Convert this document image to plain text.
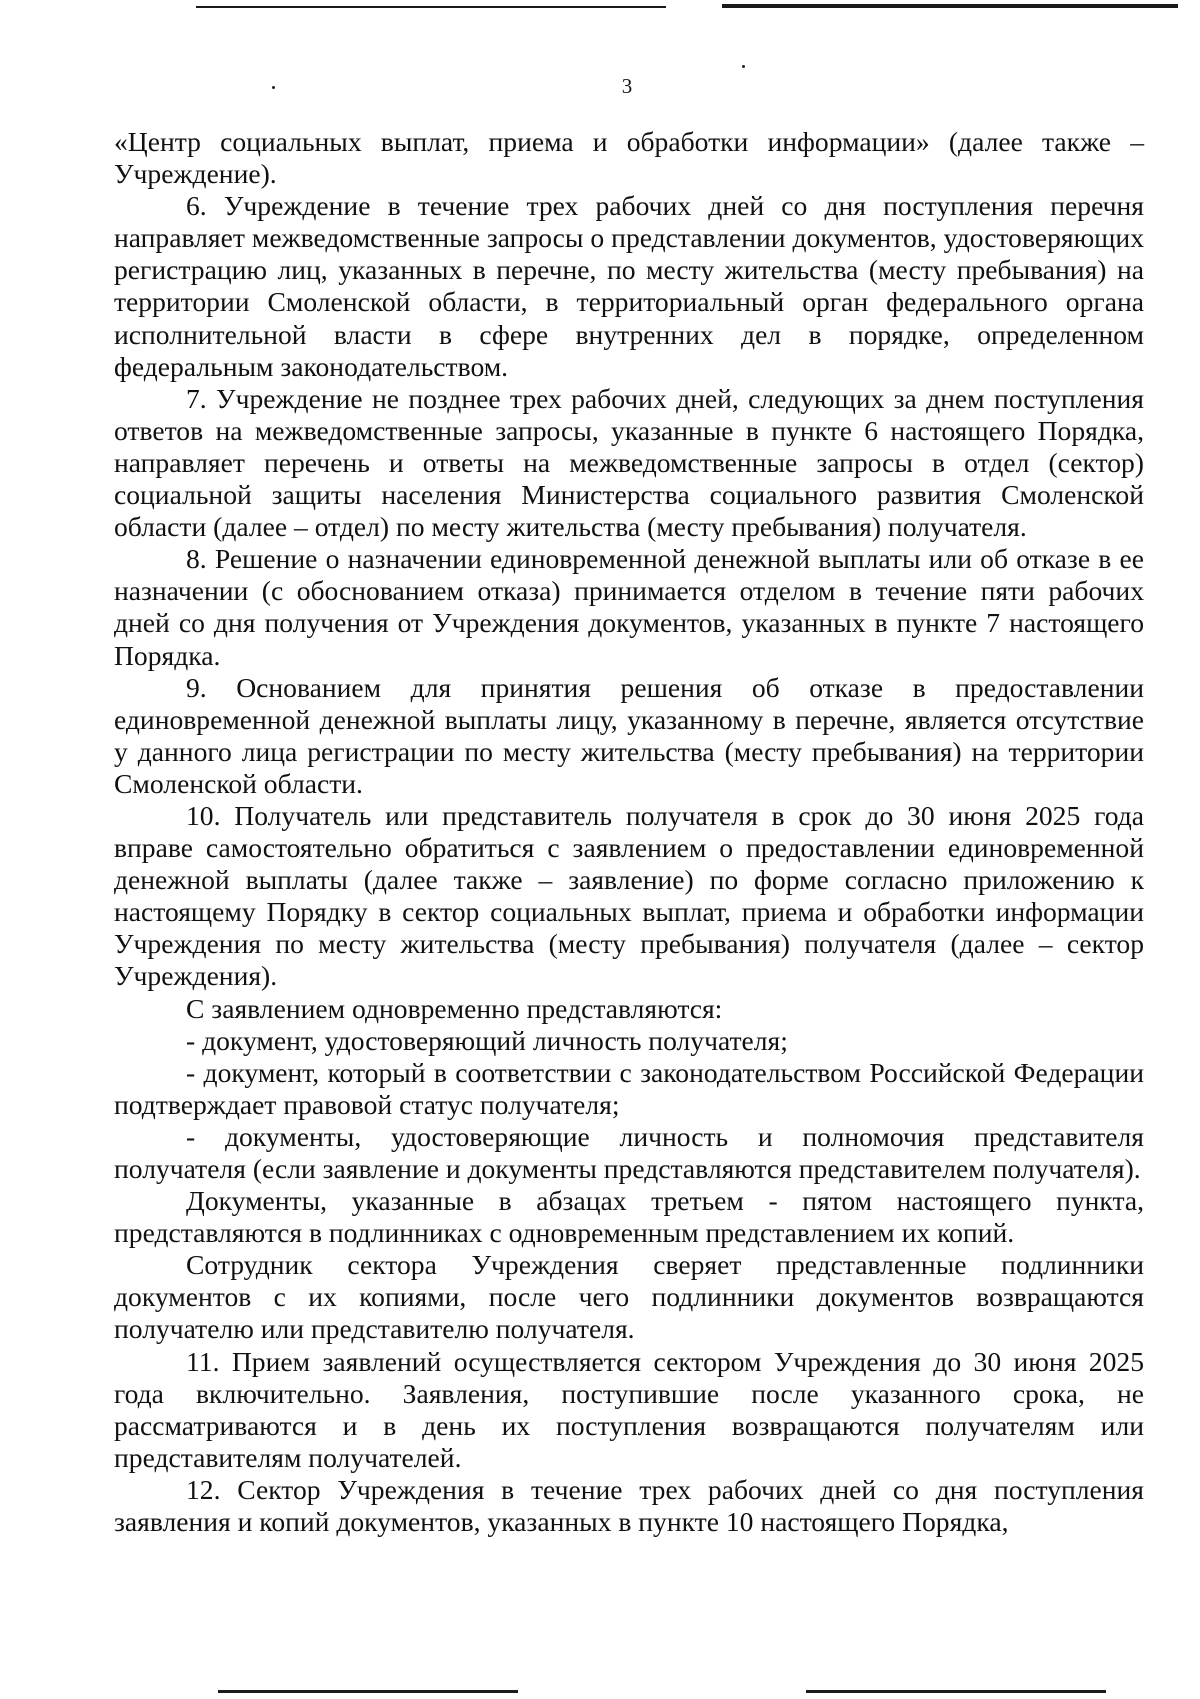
3

«Центр социальных выплат, приема и обработки информации» (далее также – Учреждение).

6. Учреждение в течение трех рабочих дней со дня поступления перечня направляет межведомственные запросы о представлении документов, удостоверяющих регистрацию лиц, указанных в перечне, по месту жительства (месту пребывания) на территории Смоленской области, в территориальный орган федерального органа исполнительной власти в сфере внутренних дел в порядке, определенном федеральным законодательством.

7. Учреждение не позднее трех рабочих дней, следующих за днем поступления ответов на межведомственные запросы, указанные в пункте 6 настоящего Порядка, направляет перечень и ответы на межведомственные запросы в отдел (сектор) социальной защиты населения Министерства социального развития Смоленской области (далее – отдел) по месту жительства (месту пребывания) получателя.

8. Решение о назначении единовременной денежной выплаты или об отказе в ее назначении (с обоснованием отказа) принимается отделом в течение пяти рабочих дней со дня получения от Учреждения документов, указанных в пункте 7 настоящего Порядка.

9. Основанием для принятия решения об отказе в предоставлении единовременной денежной выплаты лицу, указанному в перечне, является отсутствие у данного лица регистрации по месту жительства (месту пребывания) на территории Смоленской области.

10. Получатель или представитель получателя в срок до 30 июня 2025 года вправе самостоятельно обратиться с заявлением о предоставлении единовременной денежной выплаты (далее также – заявление) по форме согласно приложению к настоящему Порядку в сектор социальных выплат, приема и обработки информации Учреждения по месту жительства (месту пребывания) получателя (далее – сектор Учреждения).

С заявлением одновременно представляются:

- документ, удостоверяющий личность получателя;

- документ, который в соответствии с законодательством Российской Федерации подтверждает правовой статус получателя;

- документы, удостоверяющие личность и полномочия представителя получателя (если заявление и документы представляются представителем получателя).

Документы, указанные в абзацах третьем - пятом настоящего пункта, представляются в подлинниках с одновременным представлением их копий.

Сотрудник сектора Учреждения сверяет представленные подлинники документов с их копиями, после чего подлинники документов возвращаются получателю или представителю получателя.

11. Прием заявлений осуществляется сектором Учреждения до 30 июня 2025 года включительно. Заявления, поступившие после указанного срока, не рассматриваются и в день их поступления возвращаются получателям или представителям получателей.

12. Сектор Учреждения в течение трех рабочих дней со дня поступления заявления и копий документов, указанных в пункте 10 настоящего Порядка,
